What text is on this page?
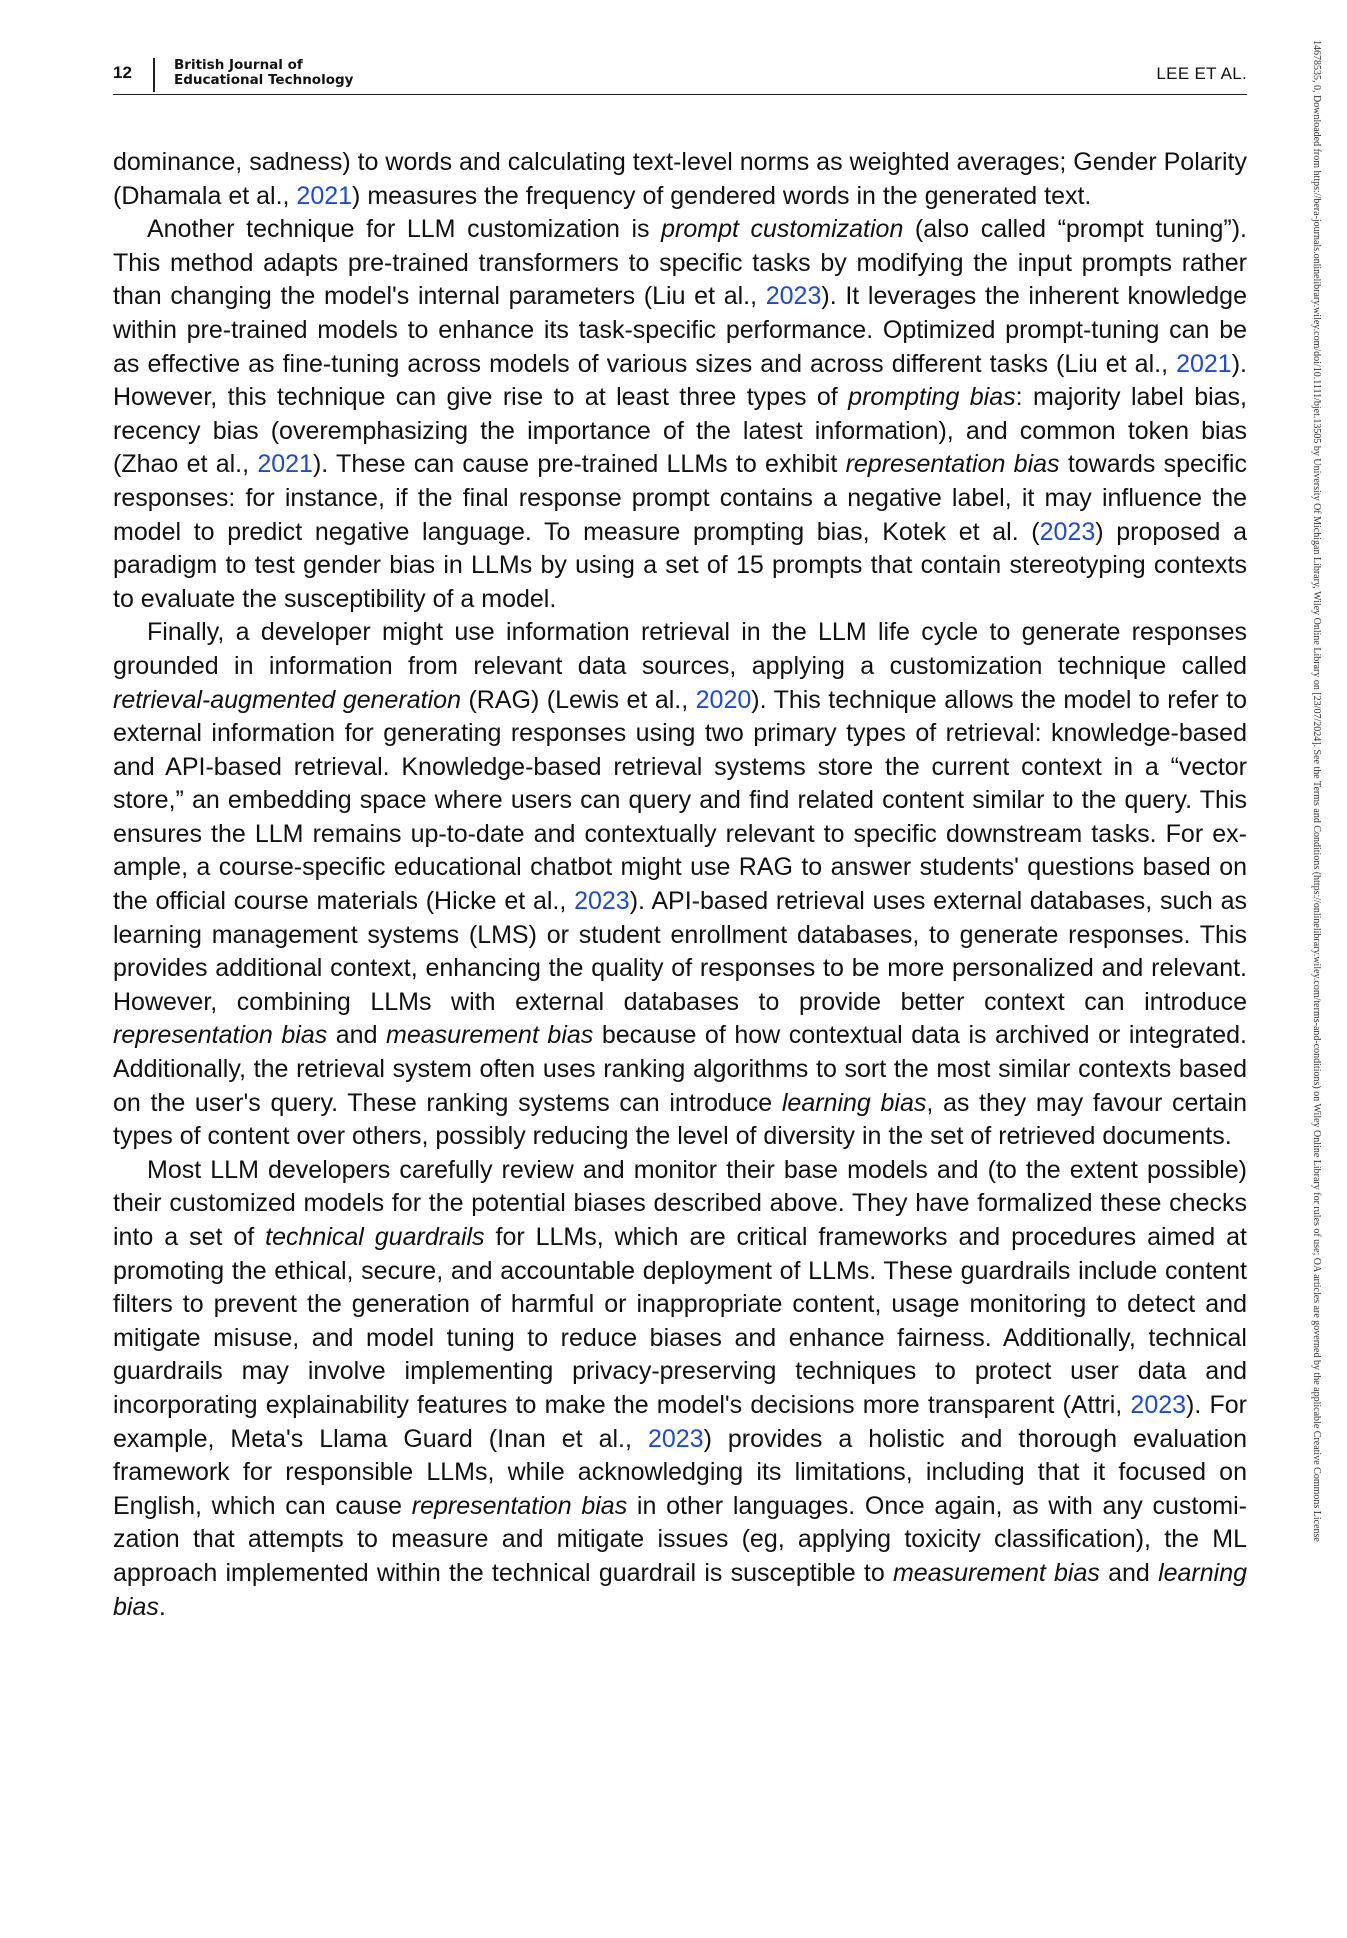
12	British Journal of
Educational Technology	LEE ET AL.

dominance, sadness) to words and calculating text-level norms as weighted averages; Gender Polarity (Dhamala et al., 2021) measures the frequency of gendered words in the generated text.

Another technique for LLM customization is prompt customization (also called “prompt tuning”). This method adapts pre-trained transformers to specific tasks by modifying the input prompts rather than changing the model's internal parameters (Liu et al., 2023). It leverages the inherent knowledge within pre-trained models to enhance its task-specific performance. Optimized prompt-tuning can be as effective as fine-tuning across models of various sizes and across different tasks (Liu et al., 2021). However, this technique can give rise to at least three types of prompting bias: majority label bias, recency bias (overemphasizing the importance of the latest information), and common token bias (Zhao et al., 2021). These can cause pre-trained LLMs to exhibit representation bias towards specific responses: for instance, if the final response prompt contains a negative label, it may influence the model to predict negative language. To measure prompting bias, Kotek et al. (2023) proposed a paradigm to test gender bias in LLMs by using a set of 15 prompts that contain stereotyping contexts to evaluate the susceptibility of a model.

Finally, a developer might use information retrieval in the LLM life cycle to generate responses grounded in information from relevant data sources, applying a customization technique called retrieval-augmented generation (RAG) (Lewis et al., 2020). This technique allows the model to refer to external information for generating responses using two primary types of retrieval: knowledge-based and API-based retrieval. Knowledge-based retrieval systems store the current context in a “vector store,” an embedding space where users can query and find related content similar to the query. This ensures the LLM remains up-to-date and contextually relevant to specific downstream tasks. For example, a course-specific educational chatbot might use RAG to answer students' questions based on the official course materials (Hicke et al., 2023). API-based retrieval uses external databases, such as learning management systems (LMS) or student enrollment databases, to generate responses. This provides additional context, enhancing the quality of responses to be more personalized and relevant. However, combining LLMs with external databases to provide better context can introduce representation bias and measurement bias because of how contextual data is archived or integrated. Additionally, the retrieval system often uses ranking algorithms to sort the most similar contexts based on the user's query. These ranking systems can introduce learning bias, as they may favour certain types of content over others, possibly reducing the level of diversity in the set of retrieved documents.

Most LLM developers carefully review and monitor their base models and (to the extent possible) their customized models for the potential biases described above. They have formalized these checks into a set of technical guardrails for LLMs, which are critical frameworks and procedures aimed at promoting the ethical, secure, and accountable deployment of LLMs. These guardrails include content filters to prevent the generation of harmful or inappropriate content, usage monitoring to detect and mitigate misuse, and model tuning to reduce biases and enhance fairness. Additionally, technical guardrails may involve implementing privacy-preserving techniques to protect user data and incorporating explainability features to make the model's decisions more transparent (Attri, 2023). For example, Meta's Llama Guard (Inan et al., 2023) provides a holistic and thorough evaluation framework for responsible LLMs, while acknowledging its limitations, including that it focused on English, which can cause representation bias in other languages. Once again, as with any customization that attempts to measure and mitigate issues (eg, applying toxicity classification), the ML approach implemented within the technical guardrail is susceptible to measurement bias and learning bias.

14678535, 0, Downloaded from https://bera-journals.onlinelibrary.wiley.com/doi/10.1111/bjet.13505 by University Of Michigan Library, Wiley Online Library on [23/07/2024]. See the Terms and Conditions (https://onlinelibrary.wiley.com/terms-and-conditions) on Wiley Online Library for rules of use; OA articles are governed by the applicable Creative Commons License
